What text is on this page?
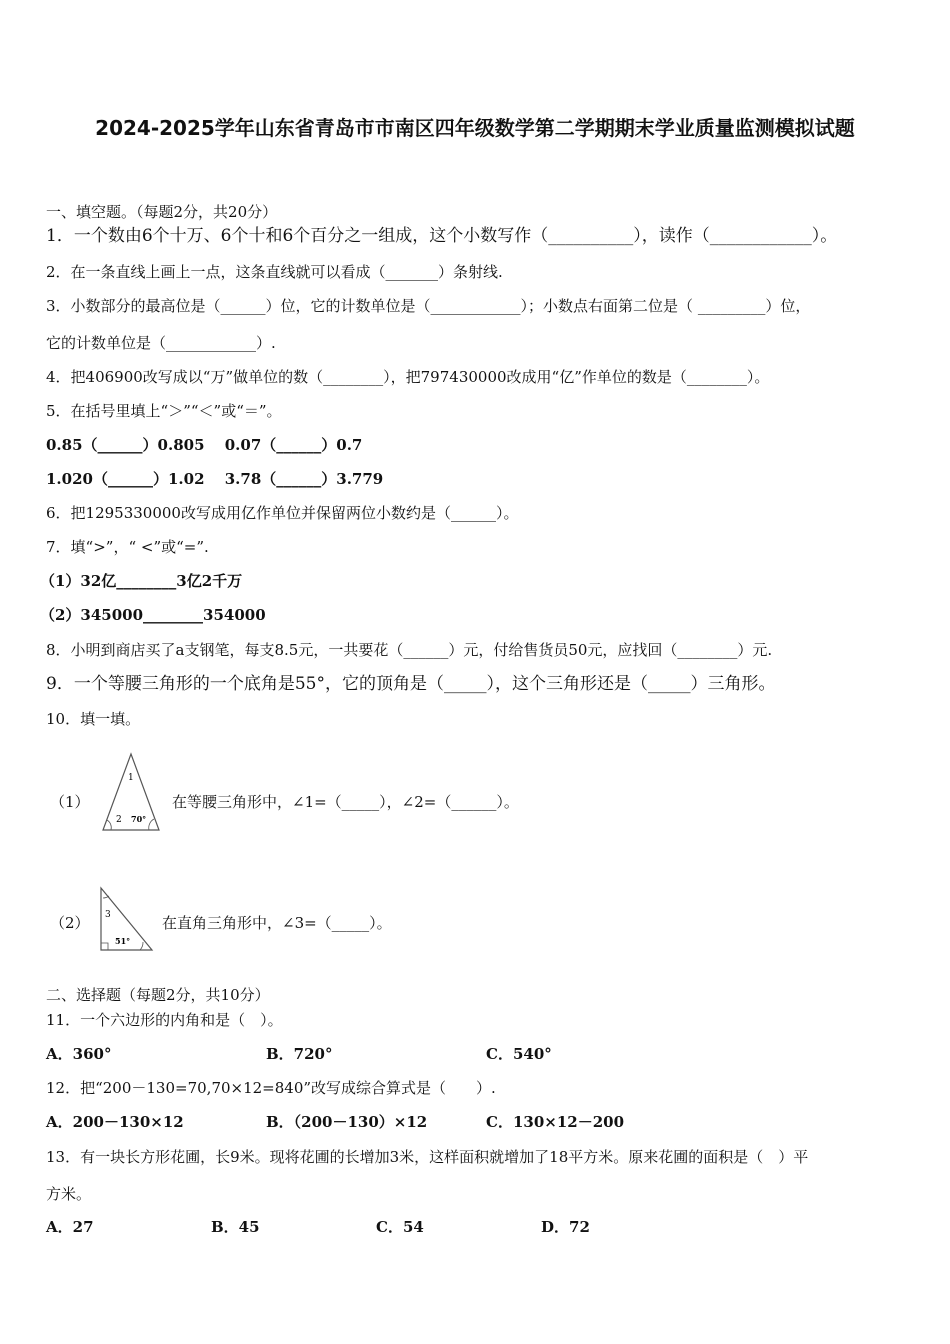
2024-2025学年山东省青岛市市南区四年级数学第二学期期末学业质量监测模拟试题
一、填空题。（每题2分，共20分）
1．一个数由6个十万、6个十和6个百分之一组成，这个小数写作（__________），读作（____________）。
2．在一条直线上画上一点，这条直线就可以看成（_______）条射线.
3．小数部分的最高位是（______）位，它的计数单位是（____________）；小数点右面第二位是（ _________）位，
它的计数单位是（____________）.
4．把406900改写成以“万”做单位的数（________），把797430000改成用“亿”作单位的数是（________）。
5．在括号里填上“＞”“＜”或“＝”。
0.85（______）0.805　 0.07（______）0.7
1.020（______）1.02　 3.78（______）3.779
6．把1295330000改写成用亿作单位并保留两位小数约是（______）。
7．填“>”，“ <”或“=”.
（1）32亿________3亿2千万
（2）345000________354000
8．小明到商店买了a支钢笔，每支8.5元，一共要花（______）元，付给售货员50元，应找回（________）元.
9．一个等腰三角形的一个底角是55°，它的顶角是（_____），这个三角形还是（_____）三角形。
10．填一填。
（1）
1
2 70°
在等腰三角形中，∠1=（_____），∠2=（______）。
（2） 3
51°
在直角三角形中，∠3=（_____）。
二、选择题（每题2分，共10分）
11．一个六边形的内角和是（　）。
A．360°	B．720°	C．540°
12．把“200－130=70,70×12=840”改写成综合算式是（　　）.
A．200－130×12	B．（200－130）×12	C．130×12－200
13．有一块长方形花圃，长9米。现将花圃的长增加3米，这样面积就增加了18平方米。原来花圃的面积是（　）平
方米。
A．27	B．45	C．54	D．72
